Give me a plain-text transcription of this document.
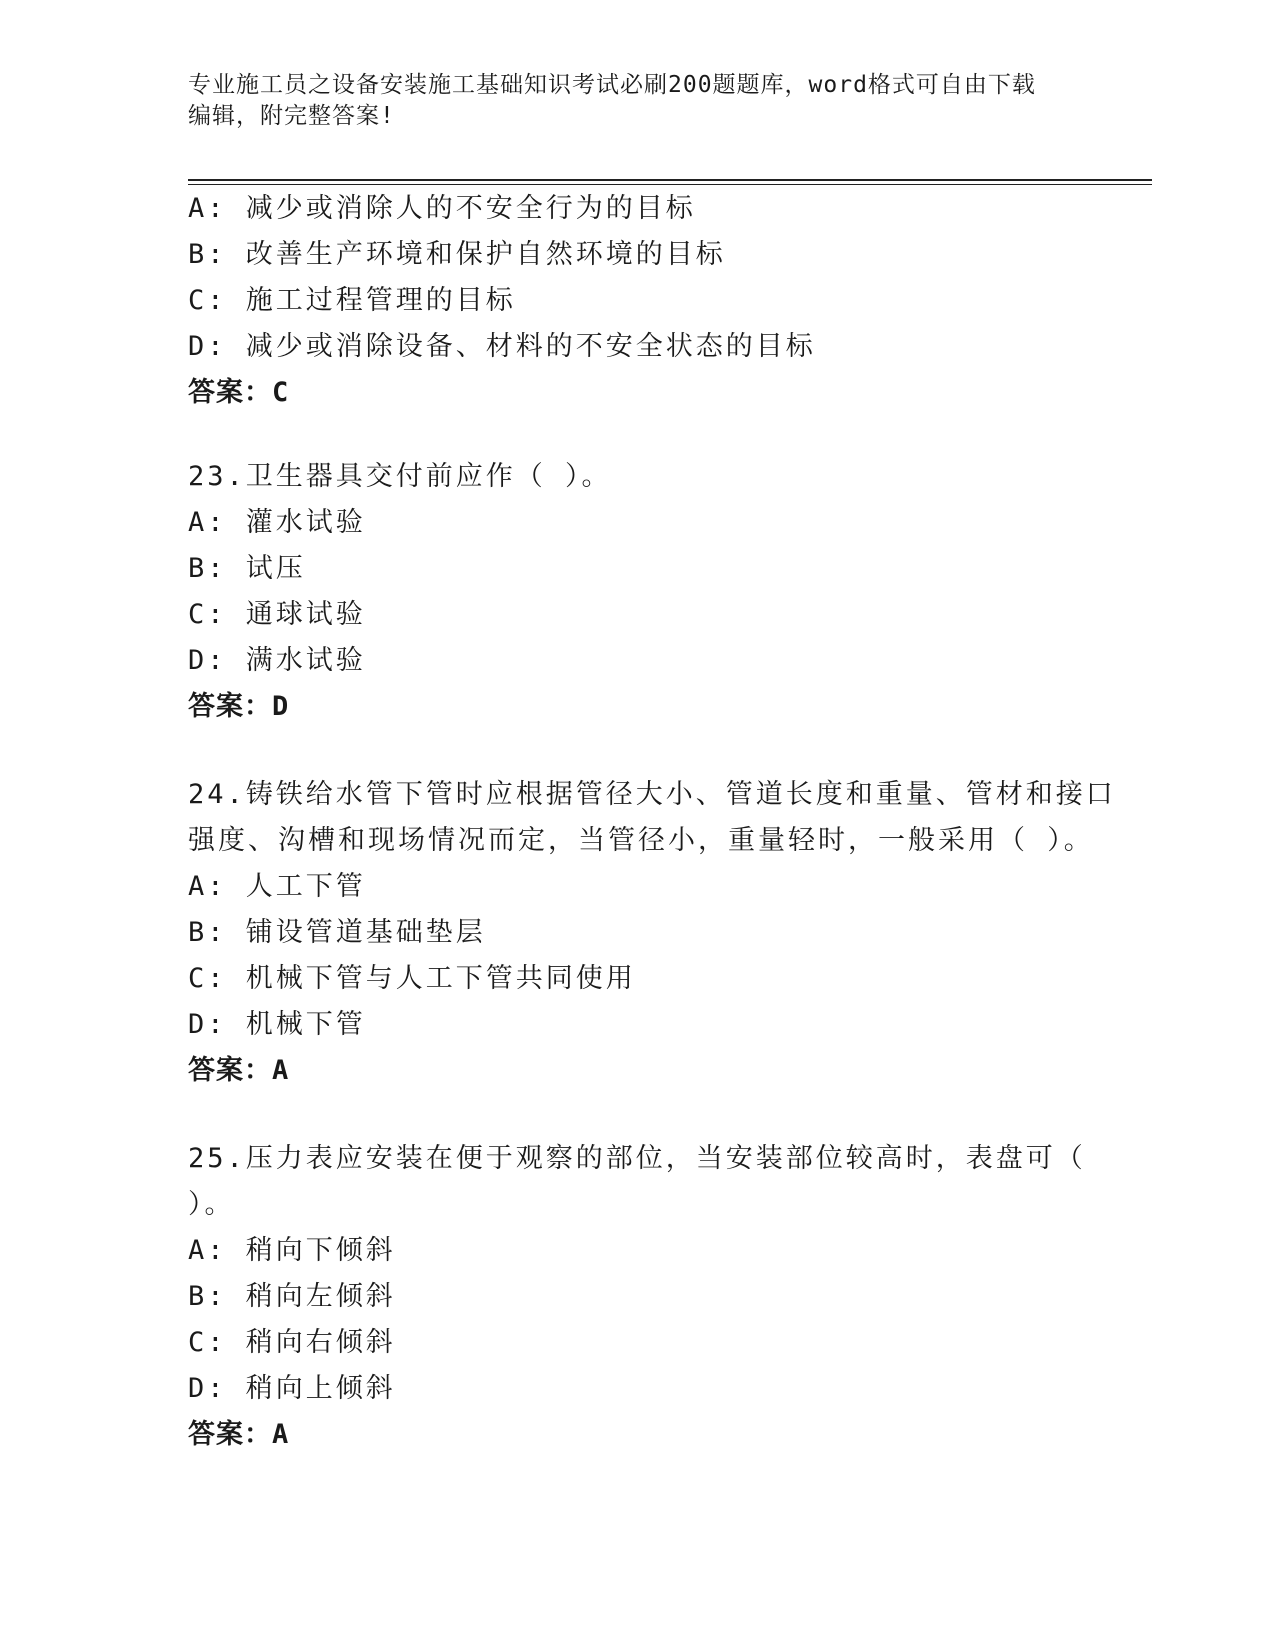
专业施工员之设备安装施工基础知识考试必刷200题题库，word格式可自由下载
编辑，附完整答案!
A: 减少或消除人的不安全行为的目标
B: 改善生产环境和保护自然环境的目标
C: 施工过程管理的目标
D: 减少或消除设备、材料的不安全状态的目标
答案：C
23.卫生器具交付前应作（ ）。
A: 灌水试验
B: 试压
C: 通球试验
D: 满水试验
答案：D
24.铸铁给水管下管时应根据管径大小、管道长度和重量、管材和接口
强度、沟槽和现场情况而定，当管径小，重量轻时，一般采用（ ）。
A: 人工下管
B: 铺设管道基础垫层
C: 机械下管与人工下管共同使用
D: 机械下管
答案：A
25.压力表应安装在便于观察的部位，当安装部位较高时，表盘可（
）。
A: 稍向下倾斜
B: 稍向左倾斜
C: 稍向右倾斜
D: 稍向上倾斜
答案：A
